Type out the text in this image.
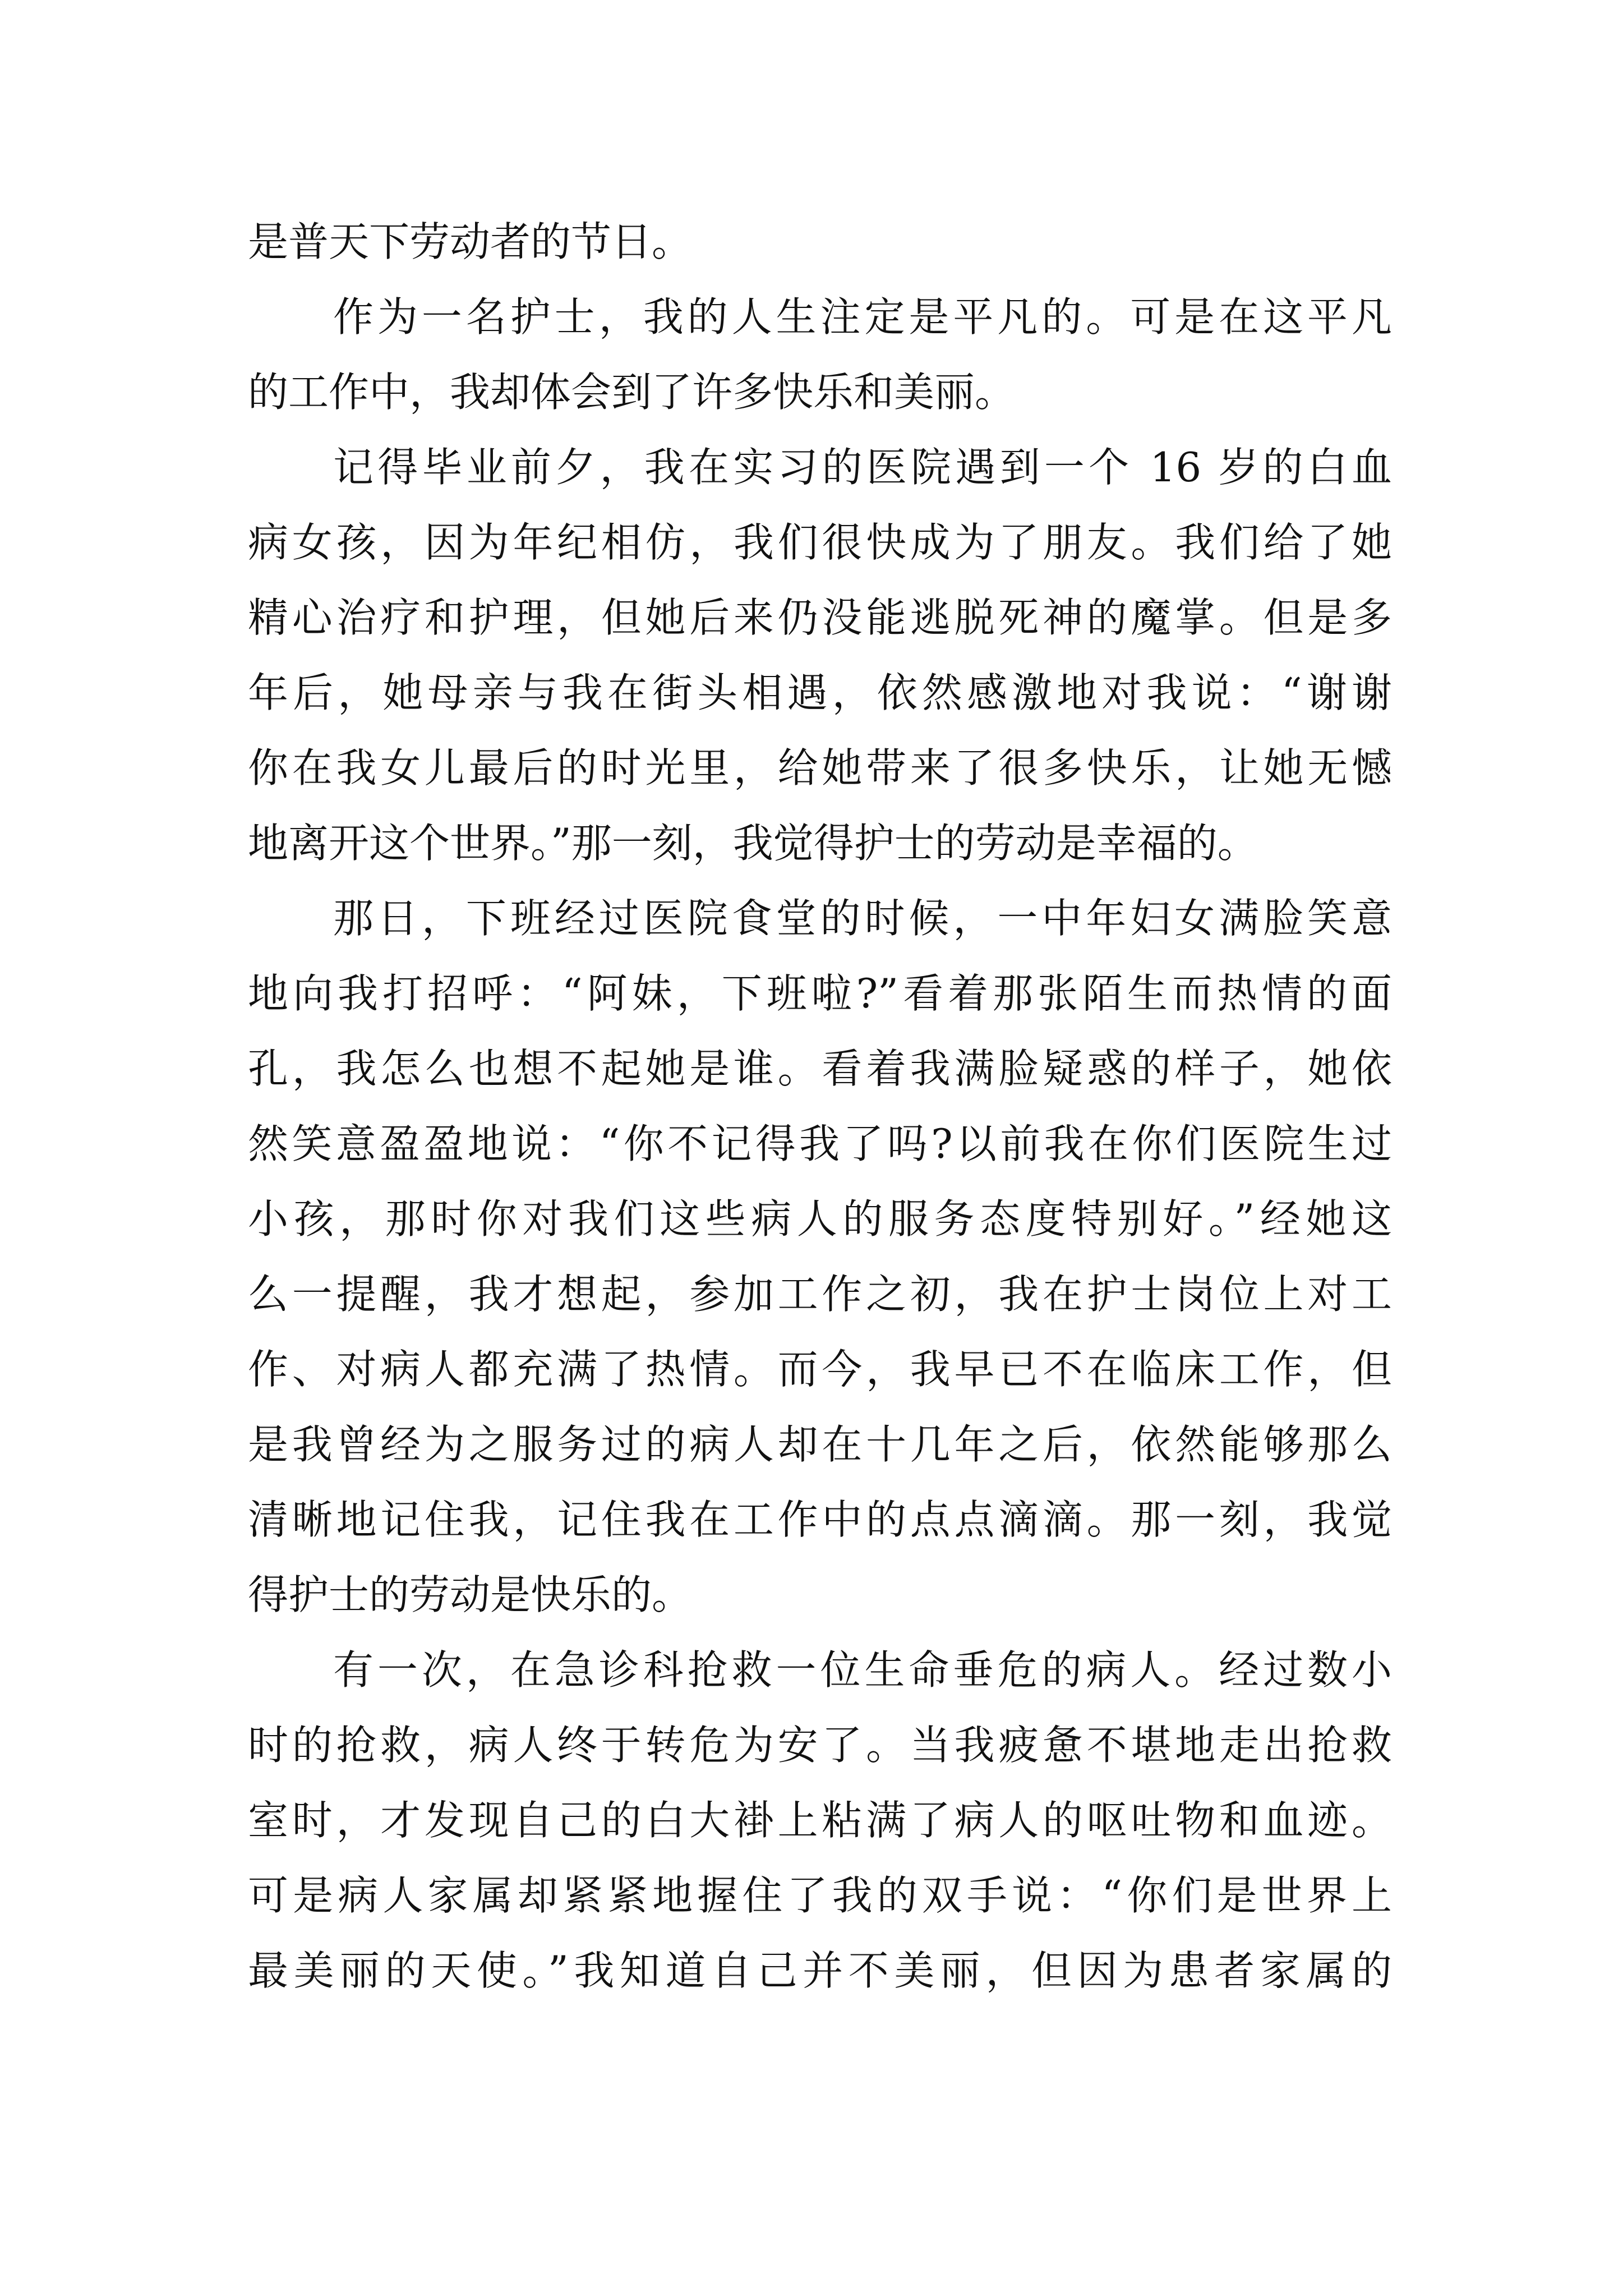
是普天下劳动者的节日。
作为一名护士，我的人生注定是平凡的。可是在这平凡
的工作中，我却体会到了许多快乐和美丽。
记得毕业前夕，我在实习的医院遇到一个 16 岁的白血
病女孩，因为年纪相仿，我们很快成为了朋友。我们给了她
精心治疗和护理，但她后来仍没能逃脱死神的魔掌。但是多
年后，她母亲与我在街头相遇，依然感激地对我说：“谢谢
你在我女儿最后的时光里，给她带来了很多快乐，让她无憾
地离开这个世界。”那一刻，我觉得护士的劳动是幸福的。
那日，下班经过医院食堂的时候，一中年妇女满脸笑意
地向我打招呼：“阿妹，下班啦?”看着那张陌生而热情的面
孔，我怎么也想不起她是谁。看着我满脸疑惑的样子，她依
然笑意盈盈地说：“你不记得我了吗?以前我在你们医院生过
小孩，那时你对我们这些病人的服务态度特别好。”经她这
么一提醒，我才想起，参加工作之初，我在护士岗位上对工
作、对病人都充满了热情。而今，我早已不在临床工作，但
是我曾经为之服务过的病人却在十几年之后，依然能够那么
清晰地记住我，记住我在工作中的点点滴滴。那一刻，我觉
得护士的劳动是快乐的。
有一次，在急诊科抢救一位生命垂危的病人。经过数小
时的抢救，病人终于转危为安了。当我疲惫不堪地走出抢救
室时，才发现自己的白大褂上粘满了病人的呕吐物和血迹。
可是病人家属却紧紧地握住了我的双手说：“你们是世界上
最美丽的天使。”我知道自己并不美丽，但因为患者家属的
